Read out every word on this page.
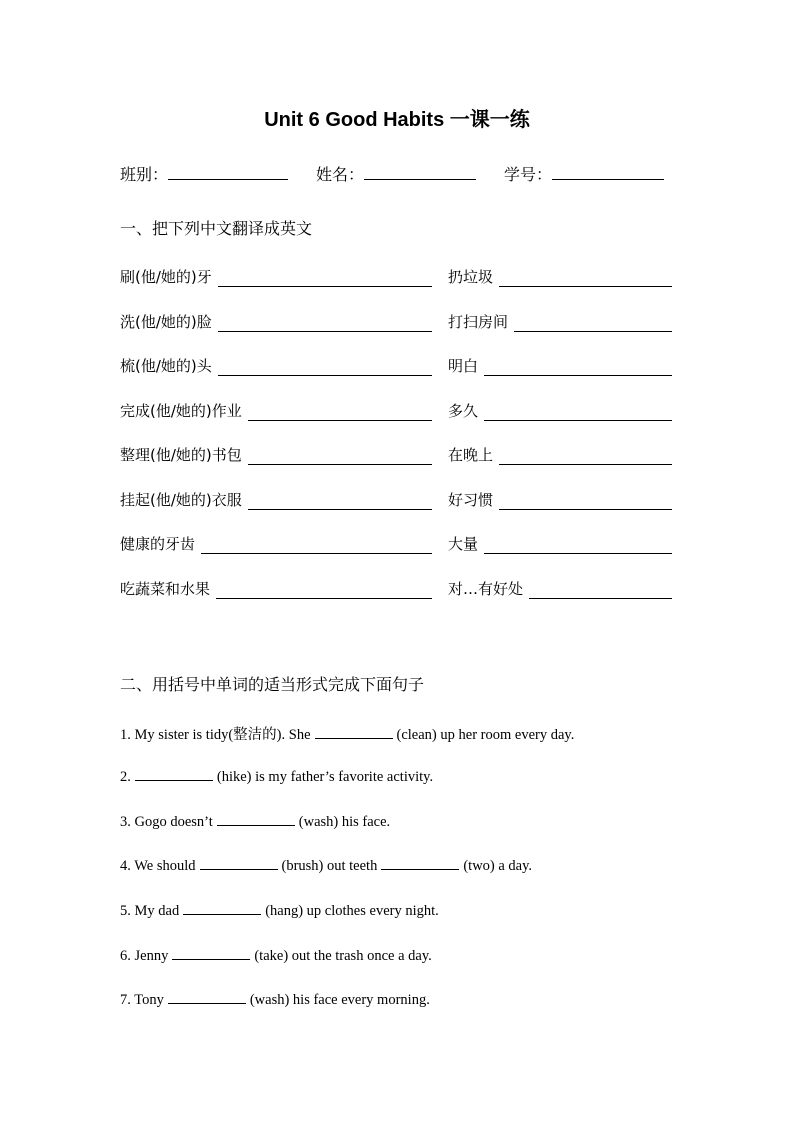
Unit 6 Good Habits 一课一练
班别：	姓名：	学号：
一、把下列中文翻译成英文
刷(他/她的)牙	扔垃圾
洗(他/她的)脸	打扫房间
梳(他/她的)头	明白
完成(他/她的)作业	多久
整理(他/她的)书包	在晚上
挂起(他/她的)衣服	好习惯
健康的牙齿	大量
吃蔬菜和水果	对…有好处
二、用括号中单词的适当形式完成下面句子
1. My sister is tidy(整洁的). She	(clean) up her room every day.
2.	(hike) is my father’s favorite activity.
3. Gogo doesn’t	(wash) his face.
4. We should	(brush) out teeth	(two) a day.
5. My dad	(hang) up clothes every night.
6. Jenny	(take) out the trash once a day.
7. Tony	(wash) his face every morning.
